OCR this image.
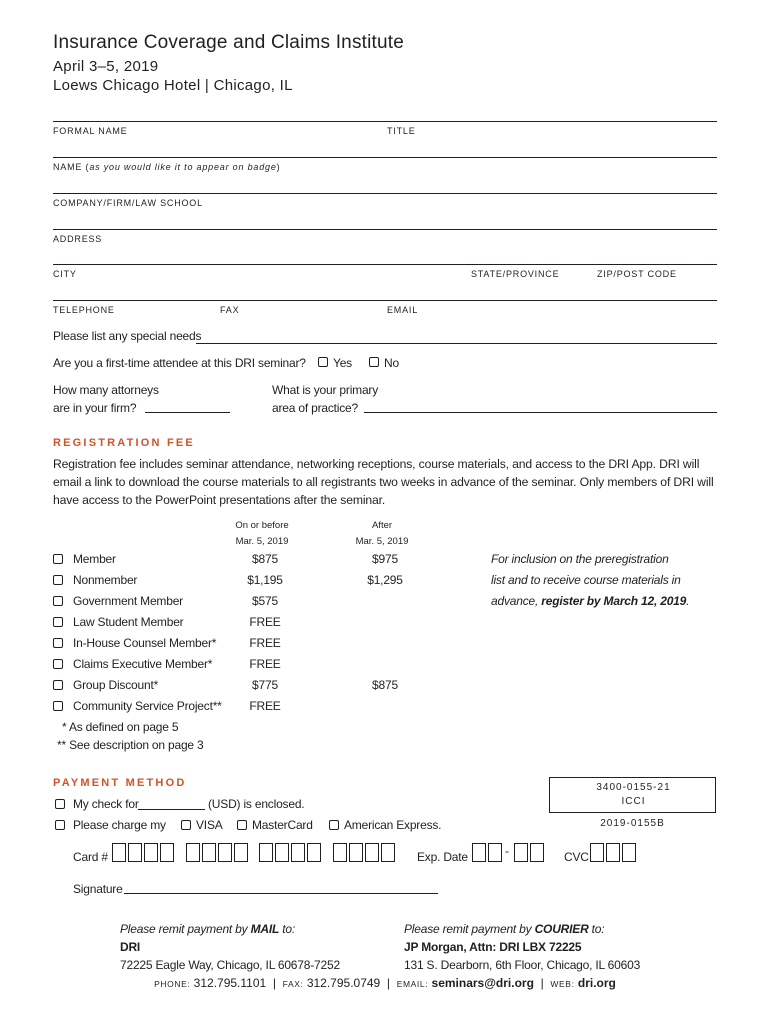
Insurance Coverage and Claims Institute
April 3–5, 2019
Loews Chicago Hotel | Chicago, IL
FORMAL NAME	TITLE
NAME (as you would like it to appear on badge)
COMPANY/FIRM/LAW SCHOOL
ADDRESS
CITY	STATE/PROVINCE	ZIP/POST CODE
TELEPHONE	FAX	EMAIL
Please list any special needs
Are you a first-time attendee at this DRI seminar? Yes	No
How many attorneys
are in your firm?
What is your primary
area of practice?
REGISTRATION FEE
Registration fee includes seminar attendance, networking receptions, course materials, and access to the DRI App. DRI will email a link to download the course materials to all registrants two weeks in advance of the seminar. Only members of DRI will have access to the PowerPoint presentations after the seminar.
On or before
Mar. 5, 2019
After
Mar. 5, 2019
Member	$875	$975
Nonmember	$1,195	$1,295
Government Member	$575
Law Student Member	FREE
In-House Counsel Member*	FREE
Claims Executive Member*	FREE
Group Discount*	$775	$875
Community Service Project**	FREE
For inclusion on the preregistration
list and to receive course materials in
advance, register by March 12, 2019.
* As defined on page 5
** See description on page 3
PAYMENT METHOD	3400-0155-21
ICCI
2019-0155B
My check for	(USD) is enclosed.
Please charge my	VISA MasterCard	American Express.
Card #	Exp. Date	-	CVC
Signature
Please remit payment by MAIL to:
DRI
72225 Eagle Way, Chicago, IL 60678-7252
Please remit payment by COURIER to:
JP Morgan, Attn: DRI LBX 72225
131 S. Dearborn, 6th Floor, Chicago, IL 60603
PHONE: 312.795.1101 | FAX: 312.795.0749 | EMAIL: seminars@dri.org | WEB: dri.org
